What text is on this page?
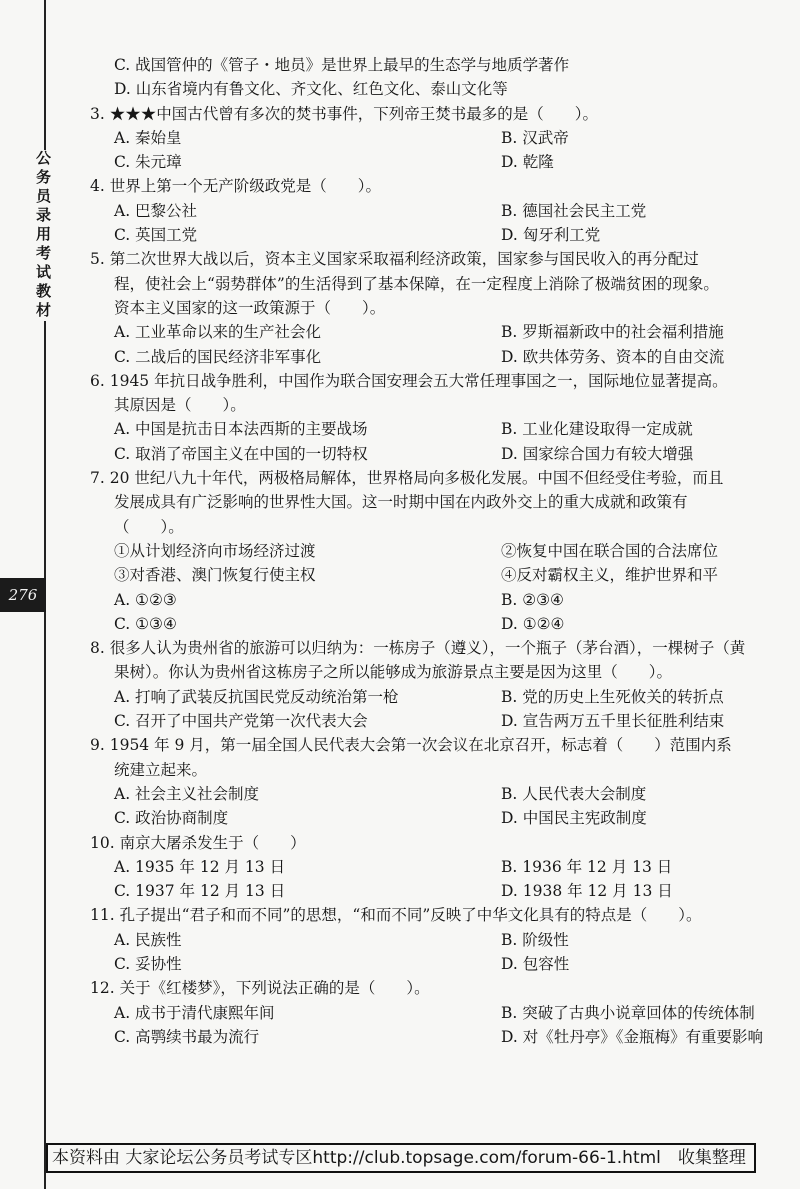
公务员录用考试教材
276
C. 战国管仲的《管子・地员》是世界上最早的生态学与地质学著作
D. 山东省境内有鲁文化、齐文化、红色文化、泰山文化等
3. ★★★中国古代曾有多次的焚书事件，下列帝王焚书最多的是（　　）。
A. 秦始皇	B. 汉武帝
C. 朱元璋	D. 乾隆
4. 世界上第一个无产阶级政党是（　　）。
A. 巴黎公社	B. 德国社会民主工党
C. 英国工党	D. 匈牙利工党
5. 第二次世界大战以后，资本主义国家采取福利经济政策，国家参与国民收入的再分配过
程，使社会上“弱势群体”的生活得到了基本保障，在一定程度上消除了极端贫困的现象。
资本主义国家的这一政策源于（　　）。
A. 工业革命以来的生产社会化	B. 罗斯福新政中的社会福利措施
C. 二战后的国民经济非军事化	D. 欧共体劳务、资本的自由交流
6. 1945 年抗日战争胜利，中国作为联合国安理会五大常任理事国之一，国际地位显著提高。
其原因是（　　）。
A. 中国是抗击日本法西斯的主要战场	B. 工业化建设取得一定成就
C. 取消了帝国主义在中国的一切特权	D. 国家综合国力有较大增强
7. 20 世纪八九十年代，两极格局解体，世界格局向多极化发展。中国不但经受住考验，而且
发展成具有广泛影响的世界性大国。这一时期中国在内政外交上的重大成就和政策有
（　　）。
①从计划经济向市场经济过渡	②恢复中国在联合国的合法席位
③对香港、澳门恢复行使主权	④反对霸权主义，维护世界和平
A. ①②③	B. ②③④
C. ①③④	D. ①②④
8. 很多人认为贵州省的旅游可以归纳为：一栋房子（遵义），一个瓶子（茅台酒），一棵树子（黄
果树）。你认为贵州省这栋房子之所以能够成为旅游景点主要是因为这里（　　）。
A. 打响了武装反抗国民党反动统治第一枪	B. 党的历史上生死攸关的转折点
C. 召开了中国共产党第一次代表大会	D. 宣告两万五千里长征胜利结束
9. 1954 年 9 月，第一届全国人民代表大会第一次会议在北京召开，标志着（　　）范围内系
统建立起来。
A. 社会主义社会制度	B. 人民代表大会制度
C. 政治协商制度	D. 中国民主宪政制度
10. 南京大屠杀发生于（　　）
A. 1935 年 12 月 13 日	B. 1936 年 12 月 13 日
C. 1937 年 12 月 13 日	D. 1938 年 12 月 13 日
11. 孔子提出“君子和而不同”的思想，“和而不同”反映了中华文化具有的特点是（　　）。
A. 民族性	B. 阶级性
C. 妥协性	D. 包容性
12. 关于《红楼梦》，下列说法正确的是（　　）。
A. 成书于清代康熙年间	B. 突破了古典小说章回体的传统体制
C. 高鹗续书最为流行	D. 对《牡丹亭》《金瓶梅》有重要影响
本资料由 大家论坛公务员考试专区http://club.topsage.com/forum-66-1.html　收集整理
